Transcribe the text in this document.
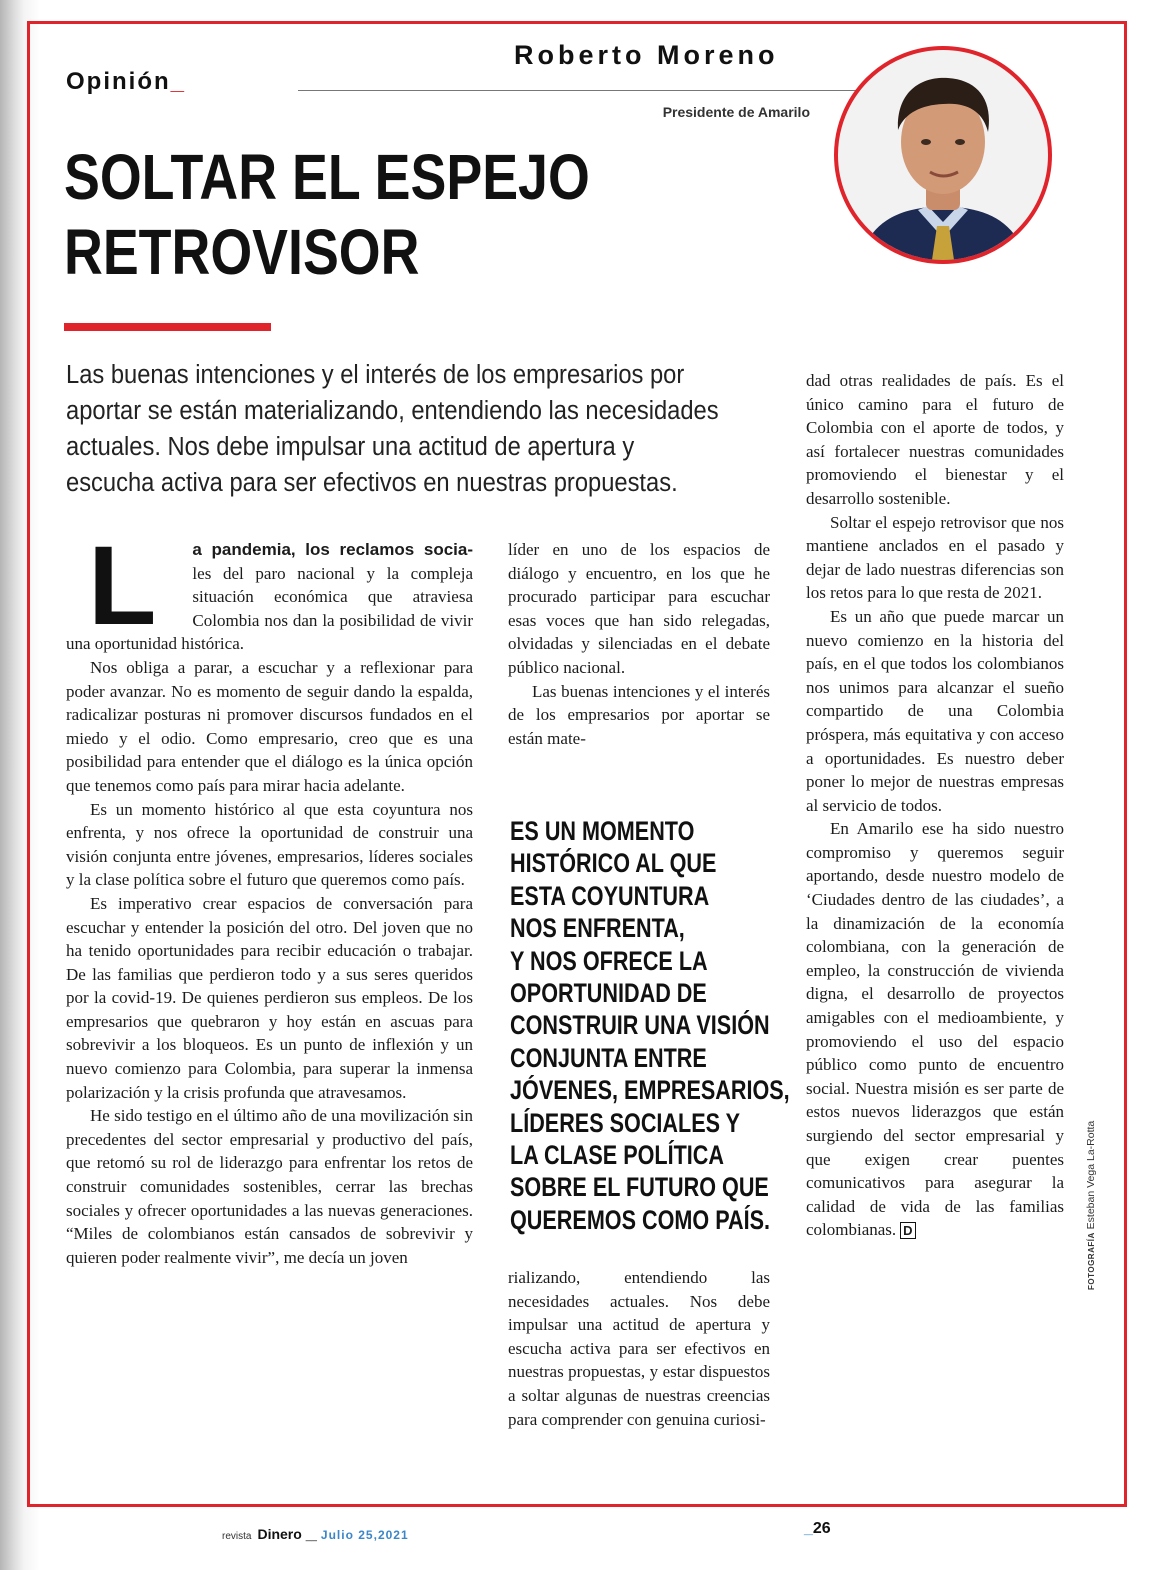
Opinión_
Roberto Moreno
Presidente de Amarilo
SOLTAR EL ESPEJO
RETROVISOR

Las buenas intenciones y el interés de los empresarios por
aportar se están materializando, entendiendo las necesidades
actuales. Nos debe impulsar una actitud de apertura y
escucha activa para ser efectivos en nuestras propuestas.

L a pandemia, los reclamos socia- les del paro nacional y la compleja situación económica que atraviesa Colombia nos dan la posibilidad de vivir una oportunidad histórica.

Nos obliga a parar, a escuchar y a reflexionar para poder avanzar. No es momento de seguir dando la espalda, radicalizar posturas ni promover discursos fundados en el miedo y el odio. Como empresario, creo que es una posibilidad para entender que el diálogo es la única opción que tenemos como país para mirar hacia adelante.

Es un momento histórico al que esta coyuntura nos enfrenta, y nos ofrece la oportunidad de construir una visión conjunta entre jóvenes, empresarios, líderes sociales y la clase política sobre el futuro que queremos como país.

Es imperativo crear espacios de conversación para escuchar y entender la posición del otro. Del joven que no ha tenido oportunidades para recibir educación o trabajar. De las familias que perdieron todo y a sus seres queridos por la covid-19. De quienes perdieron sus empleos. De los empresarios que quebraron y hoy están en ascuas para sobrevivir a los bloqueos. Es un punto de inflexión y un nuevo comienzo para Colombia, para superar la inmensa polarización y la crisis profunda que atravesamos.

He sido testigo en el último año de una movilización sin precedentes del sector empresarial y productivo del país, que retomó su rol de liderazgo para enfrentar los retos de construir comunidades sostenibles, cerrar las brechas sociales y ofrecer oportunidades a las nuevas generaciones. “Miles de colombianos están cansados de sobrevivir y quieren poder realmente vivir”, me decía un joven

líder en uno de los espacios de diálogo y encuentro, en los que he procurado participar para escuchar esas voces que han sido relegadas, olvidadas y silenciadas en el debate público nacional.

Las buenas intenciones y el interés de los empresarios por aportar se están mate-

ES UN MOMENTO
HISTÓRICO AL QUE
ESTA COYUNTURA
NOS ENFRENTA,
Y NOS OFRECE LA
OPORTUNIDAD DE
CONSTRUIR UNA VISIÓN
CONJUNTA ENTRE
JÓVENES, EMPRESARIOS,
LÍDERES SOCIALES Y
LA CLASE POLÍTICA
SOBRE EL FUTURO QUE
QUEREMOS COMO PAÍS.

rializando, entendiendo las necesidades actuales. Nos debe impulsar una actitud de apertura y escucha activa para ser efectivos en nuestras propuestas, y estar dispuestos a soltar algunas de nuestras creencias para comprender con genuina curiosi-

dad otras realidades de país. Es el único camino para el futuro de Colombia con el aporte de todos, y así fortalecer nuestras comunidades promoviendo el bienestar y el desarrollo sostenible.

Soltar el espejo retrovisor que nos mantiene anclados en el pasado y dejar de lado nuestras diferencias son los retos para lo que resta de 2021.

Es un año que puede marcar un nuevo comienzo en la historia del país, en el que todos los colombianos nos unimos para alcanzar el sueño compartido de una Colombia próspera, más equitativa y con acceso a oportunidades. Es nuestro deber poner lo mejor de nuestras empresas al servicio de todos.

En Amarilo ese ha sido nuestro compromiso y queremos seguir aportando, desde nuestro modelo de ‘Ciudades dentro de las ciudades’, a la dinamización de la economía colombiana, con la generación de empleo, la construcción de vivienda digna, el desarrollo de proyectos amigables con el medioambiente, y promoviendo el uso del espacio público como punto de encuentro social. Nuestra misión es ser parte de estos nuevos liderazgos que están surgiendo del sector empresarial y que exigen crear puentes comunicativos para asegurar la calidad de vida de las familias colombianas. D

FOTOGRAFÍA Esteban Vega La-Rotta
revista Dinero __ Julio 25,2021	_26
